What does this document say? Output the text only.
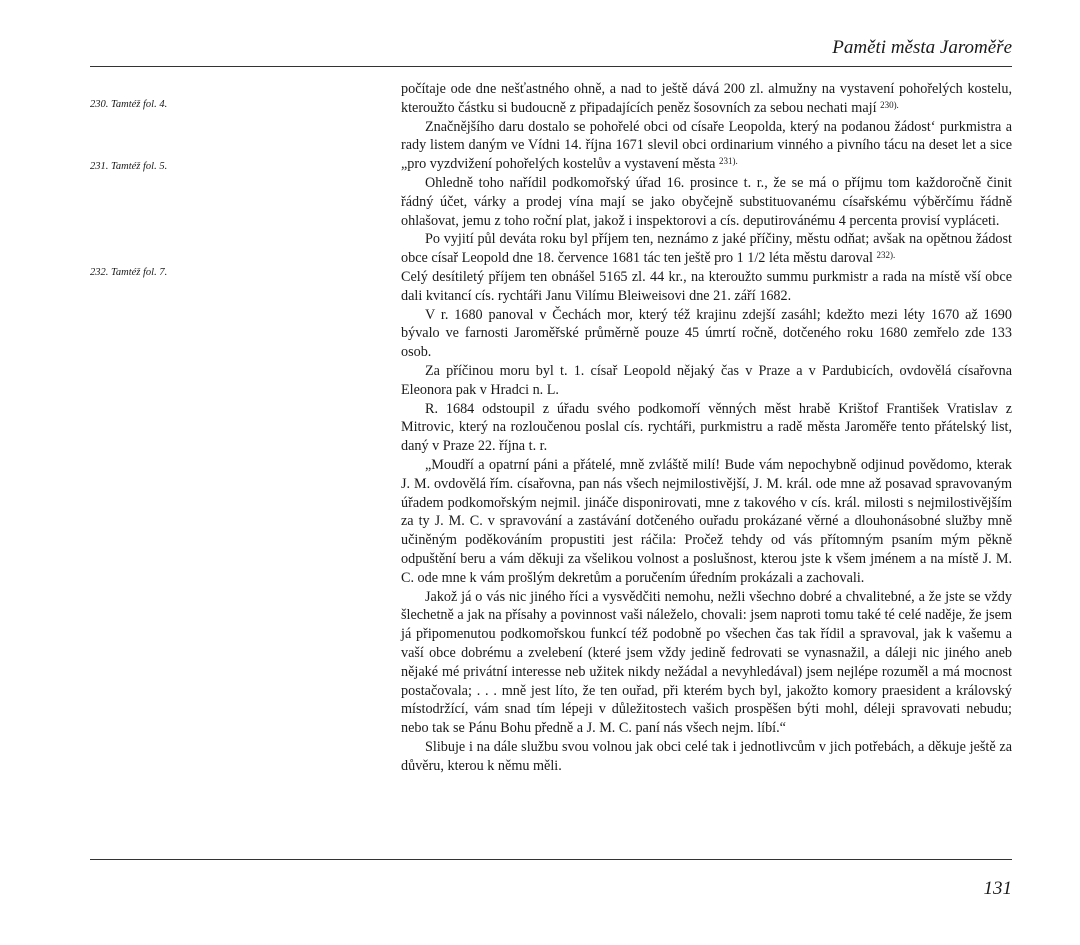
Paměti města Jaroměře
230. Tamtéž fol. 4.
231. Tamtéž fol. 5.
232. Tamtéž fol. 7.

počítaje ode dne nešťastného ohně, a nad to ještě dává 200 zl. almužny na vystavení pohořelých kostelu, kteroužto částku si budoucně z připadajících peněz šosovních za sebou nechati mají $^{230).}$

Značnějšího daru dostalo se pohořelé obci od císaře Leopolda, který na podanou žádost‘ purkmistra a rady listem daným ve Vídni 14. října 1671 slevil obci ordinarium vinného a pivního tácu na deset let a sice „pro vyzdvižení pohořelých kostelův a vystavení města $^{231).}$

Ohledně toho nařídil podkomořský úřad 16. prosince t. r., že se má o příjmu tom každoročně činit řádný účet, várky a prodej vína mají se jako obyčejně substituovanému císařskému výběrčímu řádně ohlašovat, jemu z toho roční plat, jakož i inspektorovi a cís. deputirovánému 4 percenta provisí vypláceti.

Po vyjití půl deváta roku byl příjem ten, neznámo z jaké příčiny, městu odňat; avšak na opětnou žádost obce císař Leopold dne 18. července 1681 tác ten ještě pro 1 1/2 léta městu daroval $^{232).}$

Celý desítiletý příjem ten obnášel 5165 zl. 44 kr., na kteroužto summu purkmistr a rada na místě vší obce dali kvitancí cís. rychtáři Janu Vilímu Bleiweisovi dne 21. září 1682.

V r. 1680 panoval v Čechách mor, který též krajinu zdejší zasáhl; kdežto mezi léty 1670 až 1690 bývalo ve farnosti Jaroměřské průměrně pouze 45 úmrtí ročně, dotčeného roku 1680 zemřelo zde 133 osob.

Za příčinou moru byl t. 1. císař Leopold nějaký čas v Praze a v Pardubicích, ovdovělá císařovna Eleonora pak v Hradci n. L.

R. 1684 odstoupil z úřadu svého podkomoří věnných měst hrabě Krištof František Vratislav z Mitrovic, který na rozloučenou poslal cís. rychtáři, purkmistru a radě města Jaroměře tento přátelský list, daný v Praze 22. října t. r.

„Moudří a opatrní páni a přátelé, mně zvláště milí! Bude vám nepochybně odjinud povědomo, kterak J. M. ovdovělá řím. císařovna, pan nás všech nejmilostivější, J. M. král. ode mne až posavad spravovaným úřadem podkomořským nejmil. jináče disponirovati, mne z takového v cís. král. milosti s nejmilostivějším za ty J. M. C. v spravování a zastávání dotčeného ouřadu prokázané věrné a dlouhonásobné služby mně učiněným poděkováním propustiti jest ráčila: Pročež tehdy od vás přítomným psaním mým pěkně odpuštění beru a vám děkuji za všelikou volnost a poslušnost, kterou jste k všem jménem a na místě J. M. C. ode mne k vám prošlým dekretům a poručením úředním prokázali a zachovali.

Jakož já o vás nic jiného říci a vysvědčiti nemohu, nežli všechno dobré a chvalitebné, a že jste se vždy šlechetně a jak na přísahy a povinnost vaši náleželo, chovali: jsem naproti tomu také té celé naděje, že jsem já připomenutou podkomořskou funkcí též podobně po všechen čas tak řídil a spravoval, jak k vašemu a vaší obce dobrému a zvelebení (které jsem vždy jedině fedrovati se vynasnažil, a dáleji nic jiného aneb nějaké mé privátní interesse neb užitek nikdy nežádal a nevyhledával) jsem nejlépe rozuměl a má mocnost postačovala; . . . mně jest líto, že ten ouřad, při kterém bych byl, jakožto komory praesident a královský místodržící, vám snad tím lépeji v důležitostech vašich prospěšen býti mohl, déleji spravovati nebudu; nebo tak se Pánu Bohu předně a J. M. C. paní nás všech nejm. líbí.“

Slibuje i na dále službu svou volnou jak obci celé tak i jednotlivcům v jich potřebách, a děkuje ještě za důvěru, kterou k němu měli.

131
